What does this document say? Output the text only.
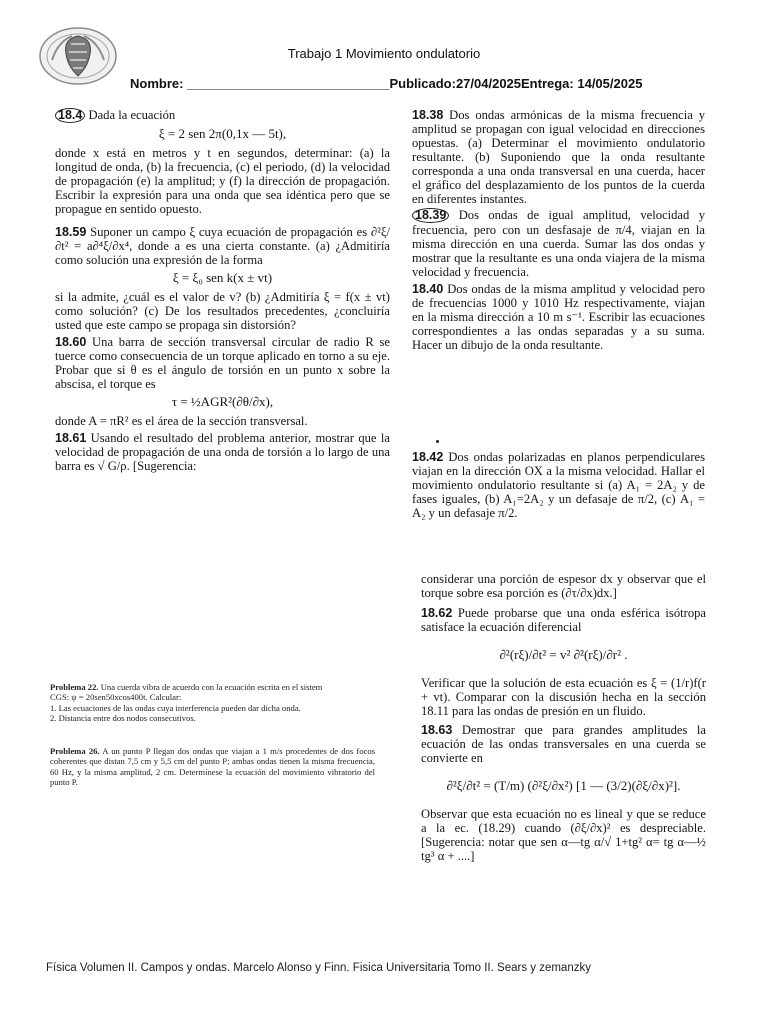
Trabajo 1 Movimiento ondulatorio
Nombre: ____________________________Publicado:27/04/2025Entrega: 14/05/2025

18.4 Dada la ecuación

ξ = 2 sen 2π(0,1x — 5t),

donde x está en metros y t en segundos, determinar: (a) la longitud de onda, (b) la frecuencia, (c) el periodo, (d) la velocidad de propagación (e) la amplitud; y (f) la dirección de propagación. Escribir la expresión para una onda que sea idéntica pero que se propague en sentido opuesto.

18.59 Suponer un campo ξ cuya ecuación de propagación es ∂²ξ/∂t² = a∂⁴ξ/∂x⁴, donde a es una cierta constante. (a) ¿Admitiría como solución una expresión de la forma

ξ = ξ₀ sen k(x ± vt)

si la admite, ¿cuál es el valor de v? (b) ¿Admitiría ξ = f(x ± vt) como solución? (c) De los resultados precedentes, ¿concluiría usted que este campo se propaga sin distorsión?

18.60 Una barra de sección transversal circular de radio R se tuerce como consecuencia de un torque aplicado en torno a su eje. Probar que si θ es el ángulo de torsión en un punto x sobre la abscisa, el torque es

τ = ½AGR²(∂θ/∂x),

donde A = πR² es el área de la sección transversal.

18.61 Usando el resultado del problema anterior, mostrar que la velocidad de propagación de una onda de torsión a lo largo de una barra es √ G/ρ. [Sugerencia:

Problema 22. Una cuerda vibra de acuerdo con la ecuación escrita en el sistem

CGS: ψ = 20sen50xcos400t. Calcular:

1. Las ecuaciones de las ondas cuya interferencia pueden dar dicha onda.

2. Distancia entre dos nodos consecutivos.

Problema 26. A un punto P llegan dos ondas que viajan a 1 m/s procedentes de dos focos coherentes que distan 7,5 cm y 5,5 cm del punto P; ambas ondas tienen la misma frecuencia, 60 Hz, y la misma amplitud, 2 cm. Determínese la ecuación del movimiento vibratorio del punto P.

18.38 Dos ondas armónicas de la misma frecuencia y amplitud se propagan con igual velocidad en direcciones opuestas. (a) Determinar el movimiento ondulatorio resultante. (b) Suponiendo que la onda resultante corresponda a una onda transversal en una cuerda, hacer el gráfico del desplazamiento de los puntos de la cuerda en diferentes instantes.

18.39 Dos ondas de igual amplitud, velocidad y frecuencia, pero con un desfasaje de π/4, viajan en la misma dirección en una cuerda. Sumar las dos ondas y mostrar que la resultante es una onda viajera de la misma velocidad y frecuencia.

18.40 Dos ondas de la misma amplitud y velocidad pero de frecuencias 1000 y 1010 Hz respectivamente, viajan en la misma dirección a 10 m s⁻¹. Escribir las ecuaciones correspondientes a las ondas separadas y a su suma. Hacer un dibujo de la onda resultante.

18.42 Dos ondas polarizadas en planos perpendiculares viajan en la dirección OX a la misma velocidad. Hallar el movimiento ondulatorio resultante si (a) A₁ = 2A₂ y de fases iguales, (b) A₁=2A₂ y un defasaje de π/2, (c) A₁ = A₂ y un defasaje π/2.

considerar una porción de espesor dx y observar que el torque sobre esa porción es (∂τ/∂x)dx.]

18.62 Puede probarse que una onda esférica isótropa satisface la ecuación diferencial

∂²(rξ)/∂t² = v² ∂²(rξ)/∂r² .

Verificar que la solución de esta ecuación es ξ = (1/r)f(r + vt). Comparar con la discusión hecha en la sección 18.11 para las ondas de presión en un fluido.

18.63 Demostrar que para grandes amplitudes la ecuación de las ondas transversales en una cuerda se convierte en

∂²ξ/∂t² = (T/m) (∂²ξ/∂x²) [1 — (3/2)(∂ξ/∂x)²].

Observar que esta ecuación no es lineal y que se reduce a la ec. (18.29) cuando (∂ξ/∂x)² es despreciable. [Sugerencia: notar que sen α—tg α/√ 1+tg² α= tg α—½ tg³ α + ....]

Física Volumen II. Campos y ondas. Marcelo Alonso y Finn. Fisica Universitaria Tomo II. Sears y zemanzky
